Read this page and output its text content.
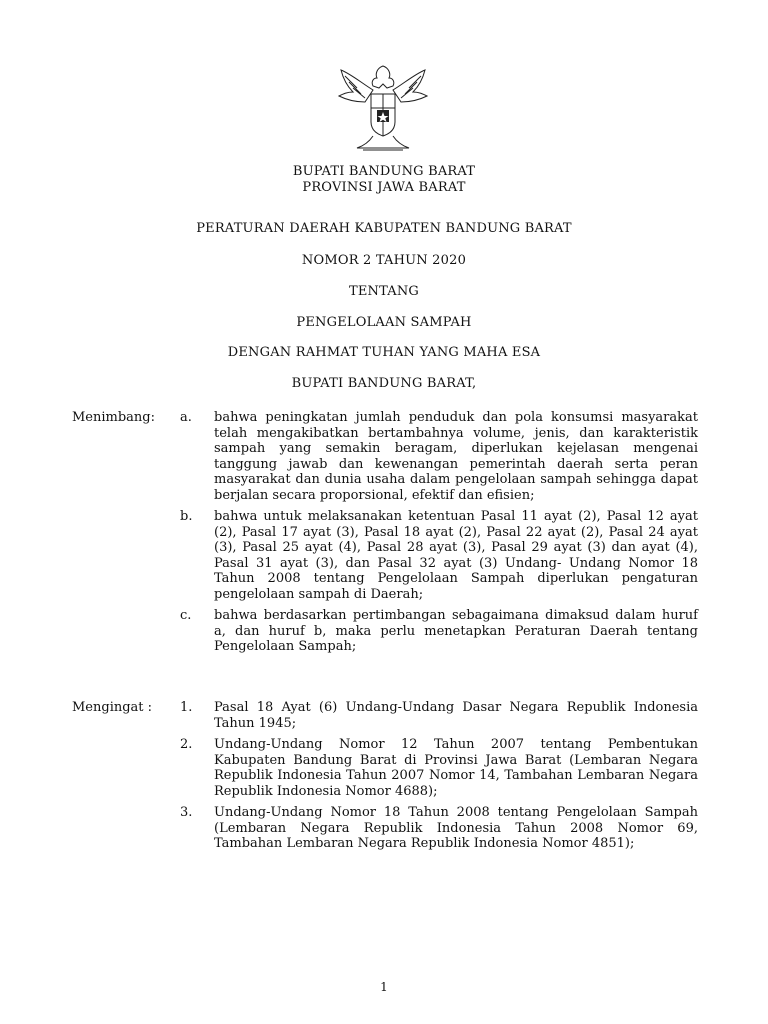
BUPATI BANDUNG BARAT
PROVINSI JAWA BARAT
PERATURAN DAERAH KABUPATEN BANDUNG BARAT
NOMOR 2 TAHUN 2020
TENTANG
PENGELOLAAN SAMPAH
DENGAN RAHMAT TUHAN YANG MAHA ESA
BUPATI BANDUNG BARAT,
Menimbang:	a.	bahwa peningkatan jumlah penduduk dan pola konsumsi masyarakat telah mengakibatkan bertambahnya volume, jenis, dan karakteristik sampah yang semakin beragam, diperlukan kejelasan mengenai tanggung jawab dan kewenangan pemerintah daerah serta peran masyarakat dan dunia usaha dalam pengelolaan sampah sehingga dapat berjalan secara proporsional, efektif dan efisien;
b.	bahwa untuk melaksanakan ketentuan Pasal 11 ayat (2), Pasal 12 ayat (2), Pasal 17 ayat (3), Pasal 18 ayat (2), Pasal 22 ayat (2), Pasal 24 ayat (3), Pasal 25 ayat (4), Pasal 28 ayat (3), Pasal 29 ayat (3) dan ayat (4), Pasal 31 ayat (3), dan Pasal 32 ayat (3) Undang- Undang Nomor 18 Tahun 2008 tentang Pengelolaan Sampah diperlukan pengaturan pengelolaan sampah di Daerah;
c.	bahwa berdasarkan pertimbangan sebagaimana dimaksud dalam huruf a, dan huruf b, maka perlu menetapkan Peraturan Daerah tentang Pengelolaan Sampah;
Mengingat :	1.	Pasal 18 Ayat (6) Undang-Undang Dasar Negara Republik Indonesia Tahun 1945;
2.	Undang-Undang Nomor 12 Tahun 2007 tentang Pembentukan Kabupaten Bandung Barat di Provinsi Jawa Barat (Lembaran Negara Republik Indonesia Tahun 2007 Nomor 14, Tambahan Lembaran Negara Republik Indonesia Nomor 4688);
3.	Undang-Undang Nomor 18 Tahun 2008 tentang Pengelolaan Sampah (Lembaran Negara Republik Indonesia Tahun 2008 Nomor 69, Tambahan Lembaran Negara Republik Indonesia Nomor 4851);
1
